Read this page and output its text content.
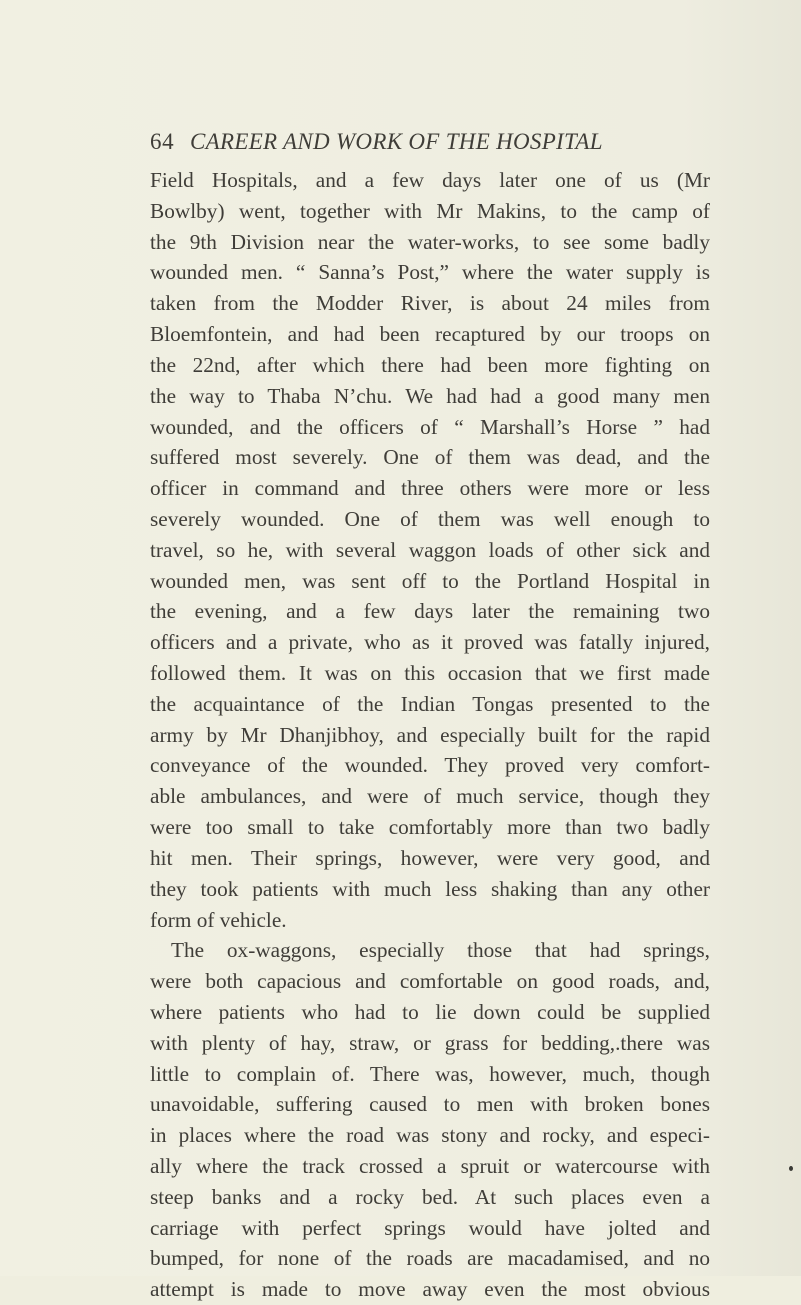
64 CAREER AND WORK OF THE HOSPITAL
Field Hospitals, and a few days later one of us (Mr
Bowlby) went, together with Mr Makins, to the camp of
the 9th Division near the water-works, to see some badly
wounded men. “ Sanna’s Post,” where the water supply is
taken from the Modder River, is about 24 miles from
Bloemfontein, and had been recaptured by our troops on
the 22nd, after which there had been more fighting on
the way to Thaba N’chu. We had had a good many men
wounded, and the officers of “ Marshall’s Horse ” had
suffered most severely. One of them was dead, and the
officer in command and three others were more or less
severely wounded. One of them was well enough to
travel, so he, with several waggon loads of other sick and
wounded men, was sent off to the Portland Hospital in
the evening, and a few days later the remaining two
officers and a private, who as it proved was fatally injured,
followed them. It was on this occasion that we first made
the acquaintance of the Indian Tongas presented to the
army by Mr Dhanjibhoy, and especially built for the rapid
conveyance of the wounded. They proved very comfort-
able ambulances, and were of much service, though they
were too small to take comfortably more than two badly
hit men. Their springs, however, were very good, and
they took patients with much less shaking than any other
form of vehicle.
The ox-waggons, especially those that had springs,
were both capacious and comfortable on good roads, and,
where patients who had to lie down could be supplied
with plenty of hay, straw, or grass for bedding,.there was
little to complain of. There was, however, much, though
unavoidable, suffering caused to men with broken bones
in places where the road was stony and rocky, and especi-
ally where the track crossed a spruit or watercourse with
steep banks and a rocky bed. At such places even a
carriage with perfect springs would have jolted and
bumped, for none of the roads are macadamised, and no
attempt is made to move away even the most obvious
